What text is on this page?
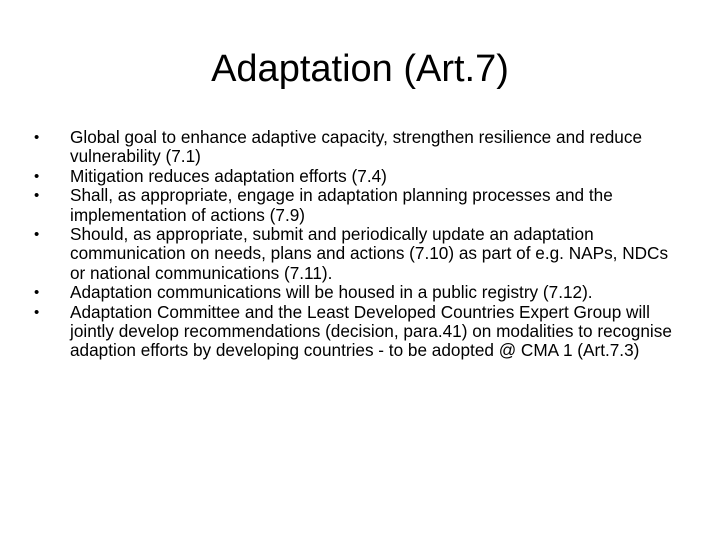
Adaptation (Art.7)
•	Global goal to enhance adaptive capacity, strengthen resilience and reduce vulnerability (7.1)
•	Mitigation reduces adaptation efforts (7.4)
•	Shall, as appropriate, engage in adaptation planning processes and the implementation of actions (7.9)
•	Should, as appropriate, submit and periodically update an adaptation communication on needs, plans and actions (7.10) as part of e.g. NAPs, NDCs or national communications (7.11).
•	Adaptation communications will be housed in a public registry (7.12).
•	Adaptation Committee and the Least Developed Countries Expert Group will jointly develop recommendations (decision, para.41) on modalities to recognise adaption efforts by developing countries - to be adopted @ CMA 1 (Art.7.3)
